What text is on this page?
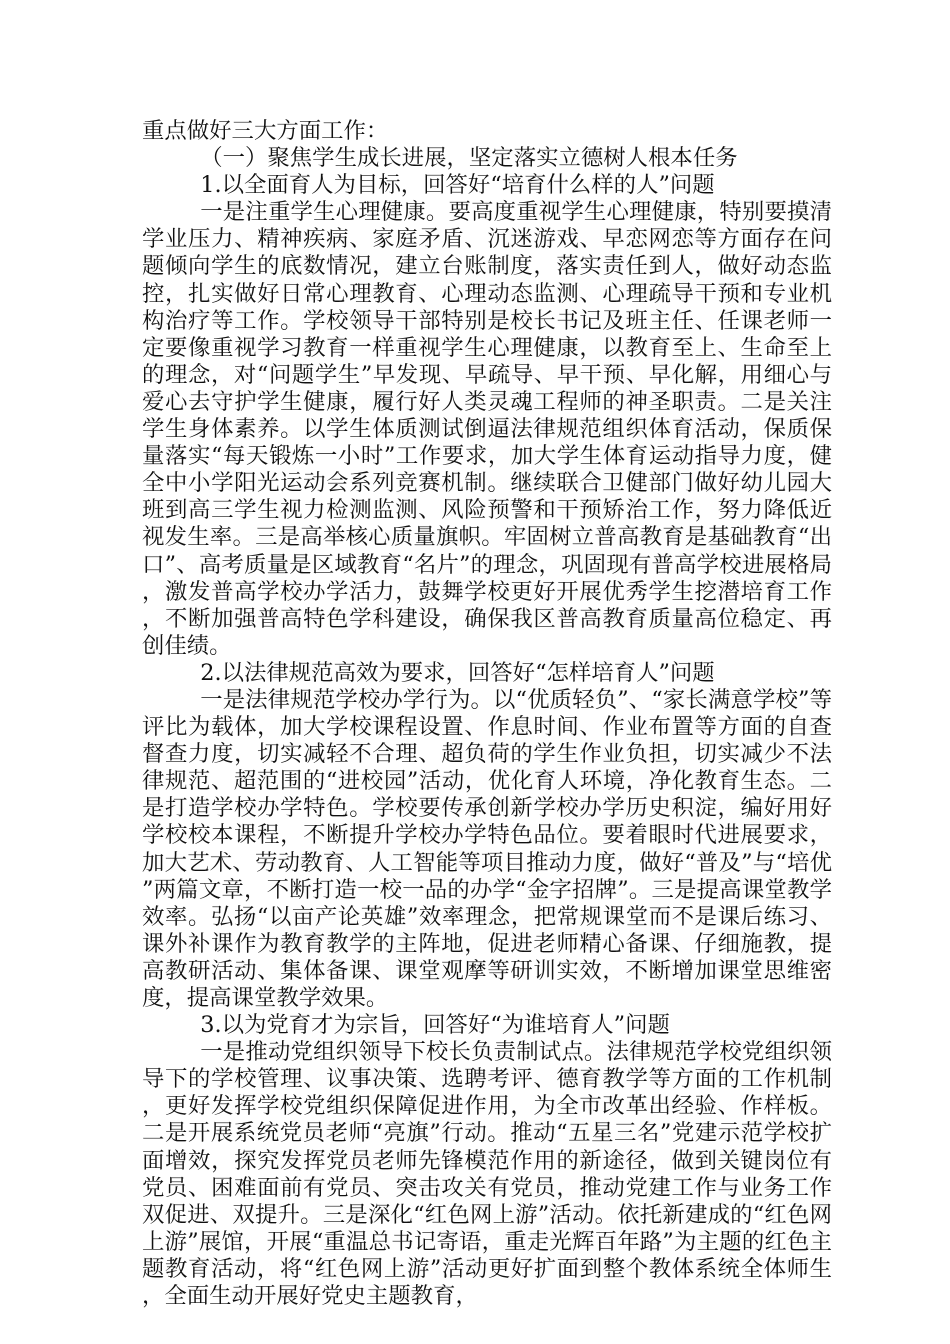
重点做好三大方面工作：

（一）聚焦学生成长进展，坚定落实立德树人根本任务

1.以全面育人为目标，回答好“培育什么样的人”问题

一是注重学生心理健康。要高度重视学生心理健康，特别要摸清学业压力、精神疾病、家庭矛盾、沉迷游戏、早恋网恋等方面存在问题倾向学生的底数情况，建立台账制度，落实责任到人，做好动态监控，扎实做好日常心理教育、心理动态监测、心理疏导干预和专业机构治疗等工作。学校领导干部特别是校长书记及班主任、任课老师一定要像重视学习教育一样重视学生心理健康，以教育至上、生命至上的理念，对“问题学生”早发现、早疏导、早干预、早化解，用细心与爱心去守护学生健康，履行好人类灵魂工程师的神圣职责。二是关注学生身体素养。以学生体质测试倒逼法律规范组织体育活动，保质保量落实“每天锻炼一小时”工作要求，加大学生体育运动指导力度，健全中小学阳光运动会系列竞赛机制。继续联合卫健部门做好幼儿园大班到高三学生视力检测监测、风险预警和干预矫治工作，努力降低近视发生率。三是高举核心质量旗帜。牢固树立普高教育是基础教育“出口”、高考质量是区域教育“名片”的理念，巩固现有普高学校进展格局，激发普高学校办学活力，鼓舞学校更好开展优秀学生挖潜培育工作，不断加强普高特色学科建设，确保我区普高教育质量高位稳定、再创佳绩。

2.以法律规范高效为要求，回答好“怎样培育人”问题

一是法律规范学校办学行为。以“优质轻负”、“家长满意学校”等评比为载体，加大学校课程设置、作息时间、作业布置等方面的自查督查力度，切实减轻不合理、超负荷的学生作业负担，切实减少不法律规范、超范围的“进校园”活动，优化育人环境，净化教育生态。二是打造学校办学特色。学校要传承创新学校办学历史积淀，编好用好学校校本课程，不断提升学校办学特色品位。要着眼时代进展要求，加大艺术、劳动教育、人工智能等项目推动力度，做好“普及”与“培优”两篇文章，不断打造一校一品的办学“金字招牌”。三是提高课堂教学效率。弘扬“以亩产论英雄”效率理念，把常规课堂而不是课后练习、课外补课作为教育教学的主阵地，促进老师精心备课、仔细施教，提高教研活动、集体备课、课堂观摩等研训实效，不断增加课堂思维密度，提高课堂教学效果。

3.以为党育才为宗旨，回答好“为谁培育人”问题

一是推动党组织领导下校长负责制试点。法律规范学校党组织领导下的学校管理、议事决策、选聘考评、德育教学等方面的工作机制，更好发挥学校党组织保障促进作用，为全市改革出经验、作样板。二是开展系统党员老师“亮旗”行动。推动“五星三名”党建示范学校扩面增效，探究发挥党员老师先锋模范作用的新途径，做到关键岗位有党员、困难面前有党员、突击攻关有党员，推动党建工作与业务工作双促进、双提升。三是深化“红色网上游”活动。依托新建成的“红色网上游”展馆，开展“重温总书记寄语，重走光辉百年路”为主题的红色主题教育活动，将“红色网上游”活动更好扩面到整个教体系统全体师生，全面生动开展好党史主题教育，
